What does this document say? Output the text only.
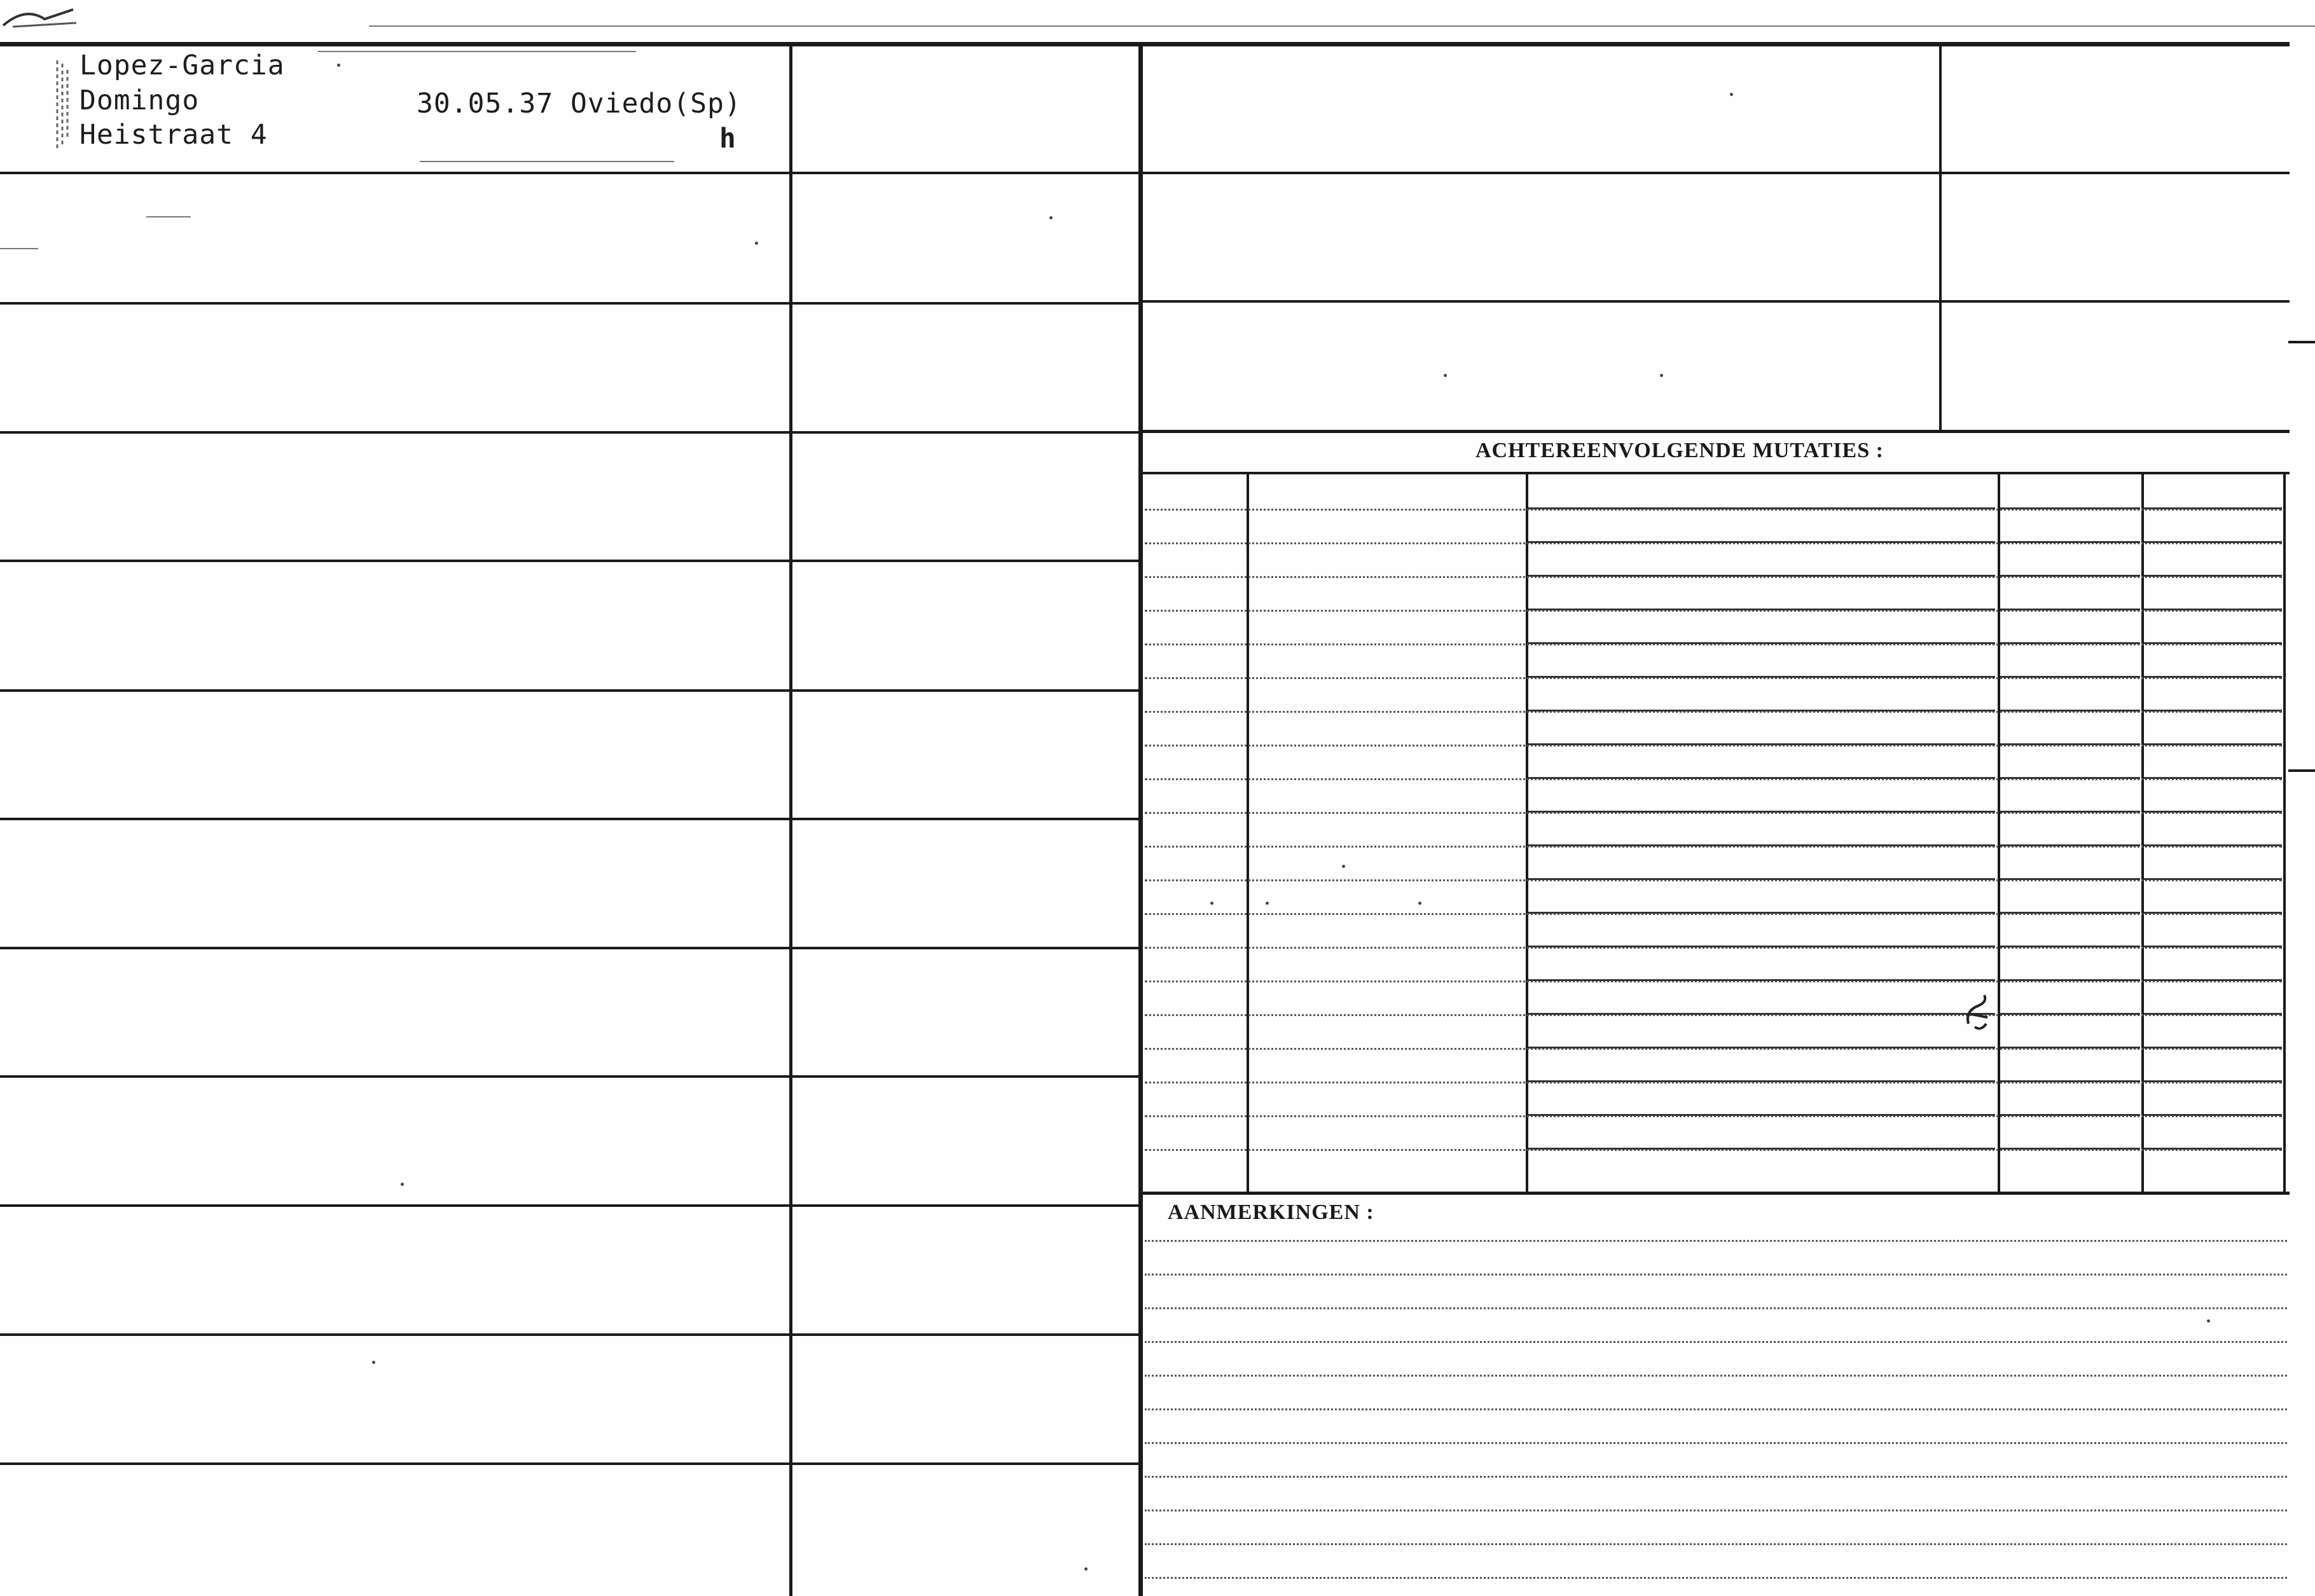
Lopez-Garcia
Domingo
Heistraat 4
30.05.37 Oviedo(Sp)
h
ACHTEREENVOLGENDE MUTATIES :
AANMERKINGEN :
